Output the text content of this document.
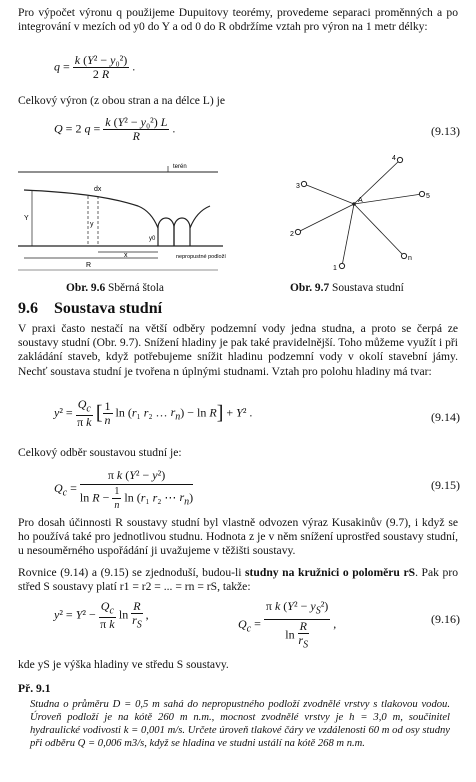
Pro výpočet výronu q použijeme Dupuitovy teorémy, provedeme separaci proměnných a po integrování v mezích od y0 do Y a od 0 do R obdržíme vztah pro výron na 1 metr délky:
$q = \frac{\text{k (Y² − y₀²)}}{2 R}$ .
Celkový výron (z obou stran a na délce L) je
Q = 2 $q = \frac{\text{k (Y² − y₀²) L}}{R}$ .	(9.13)
terén
dx
Y
y
y0
x
R
nepropustné podloží
Obr. 9.6 Sběrná štola
A
1
2
3
4
5
n
Obr. 9.7 Soustava studní
9.6 Soustava studní
V praxi často nestačí na větší odběry podzemní vody jedna studna, a proto se čerpá ze soustavy studní (Obr. 9.7). Snížení hladiny je pak také pravidelnější. Toho můžeme využít i při zakládání staveb, když potřebujeme snížit hladinu podzemní vody v okolí stavební jámy. Nechť soustava studní je tvořena n úplnými studnami. Vztah pro polohu hladiny má tvar:
$y^2 = \frac{Q_c}{\text{π k}}$ [ $\frac{1}{n}$ ln (r₁ r₂ … $r_n) - \ln R] + Y^2$ .	(9.14)
Celkový odběr soustavou studní je:
$Q_c = \frac{\text{π k (Y² − y²)}}{\ln R - \frac{1}{n} \ln (r_1 r_2 \cdots r_n)}$	(9.15)
Pro dosah účinnosti R soustavy studní byl vlastně odvozen výraz Kusakinův (9.7), i když se ho používá také pro jednotlivou studnu. Hodnota z je v něm snížení uprostřed soustavy studní, u nesouměrného uspořádání ji uvažujeme v těžišti soustavy.
Rovnice (9.14) a (9.15) se zjednoduší, budou-li studny na kružnici o poloměru rS. Pak pro střed S soustavy platí r1 = r2 = ... = rn = rS, takže:
$y^2 = Y^2 - \frac{Q_c}{\text{π k}}$ $\ln \frac{R}{r_S}$ ,
$Q_c = \frac{\pi k (Y^2 - y_S^2)}{\ln \frac{R}{r_S}}$ ,	(9.16)
kde yS je výška hladiny ve středu S soustavy.
Př. 9.1
Studna o průměru D = 0,5 m sahá do nepropustného podloží zvodnělé vrstvy s tlakovou vodou. Úroveň podloží je na kótě 260 m n.m., mocnost zvodnělé vrstvy je h = 3,0 m, součinitel hydraulické vodivosti k = 0,001 m/s. Určete úroveň tlakové čáry ve vzdálenosti 60 m od osy studny při odběru Q = 0,006 m3/s, když se hladina ve studni ustálí na kótě 268 m n.m.
